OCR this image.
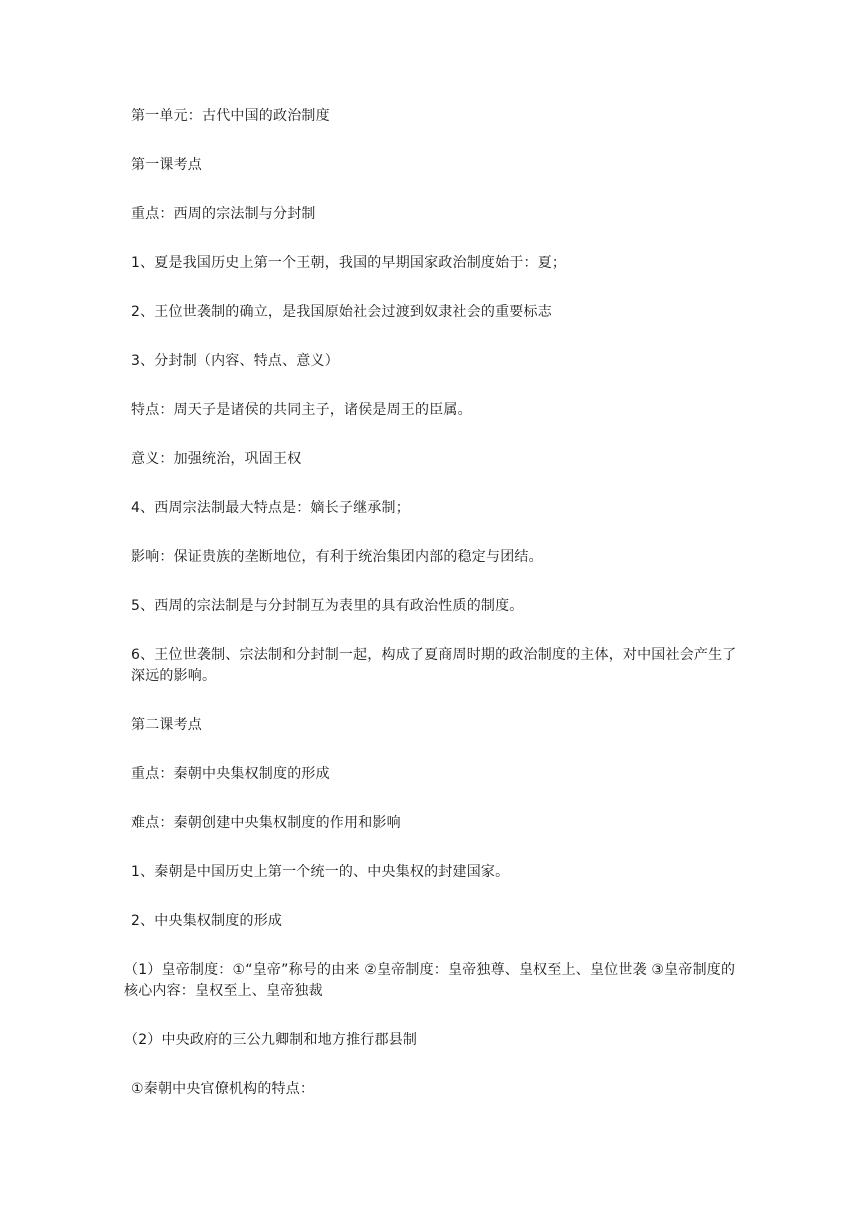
第一单元：古代中国的政治制度

第一课考点

重点：西周的宗法制与分封制

1、夏是我国历史上第一个王朝，我国的早期国家政治制度始于：夏；

2、王位世袭制的确立，是我国原始社会过渡到奴隶社会的重要标志

3、分封制（内容、特点、意义）

特点：周天子是诸侯的共同主子，诸侯是周王的臣属。

意义：加强统治，巩固王权

4、西周宗法制最大特点是：嫡长子继承制；

影响：保证贵族的垄断地位，有利于统治集团内部的稳定与团结。

5、西周的宗法制是与分封制互为表里的具有政治性质的制度。

6、王位世袭制、宗法制和分封制一起，构成了夏商周时期的政治制度的主体，对中国社会产生了深远的影响。

第二课考点

重点：秦朝中央集权制度的形成

难点：秦朝创建中央集权制度的作用和影响

1、秦朝是中国历史上第一个统一的、中央集权的封建国家。

2、中央集权制度的形成

（1）皇帝制度：①“皇帝”称号的由来 ②皇帝制度：皇帝独尊、皇权至上、皇位世袭 ③皇帝制度的核心内容：皇权至上、皇帝独裁

（2）中央政府的三公九卿制和地方推行郡县制

①秦朝中央官僚机构的特点：
